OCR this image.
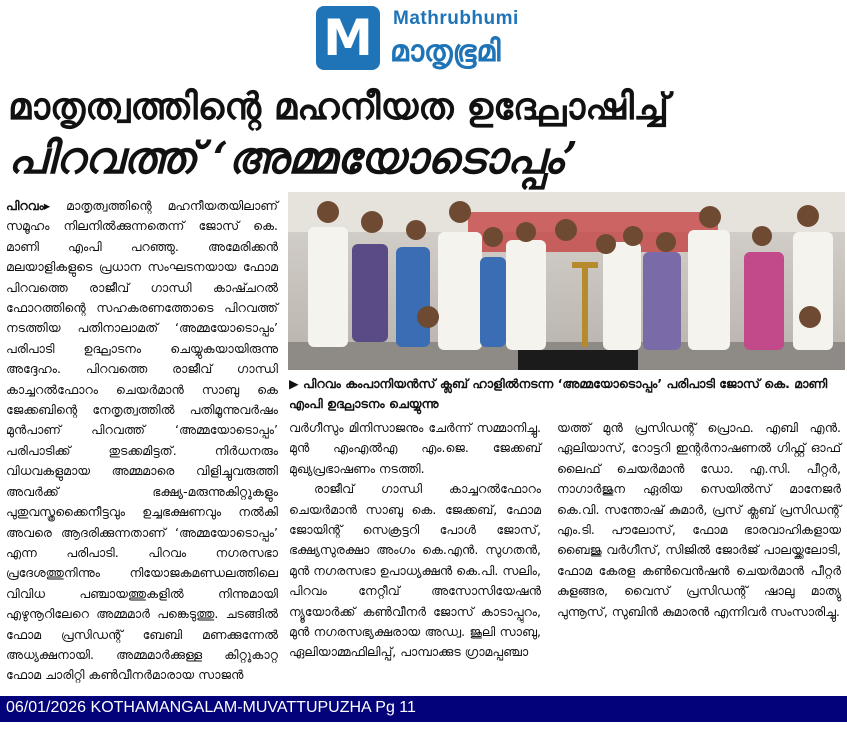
M Mathrubhumi
മാതൃഭൂമി
മാതൃത്വത്തിന്റെ മഹനീയത ഉദ്ഘോഷിച്ച്
പിറവത്ത് ‘അമ്മയോടൊപ്പം’

പിറവം▸ മാതൃത്വത്തിന്റെ മഹനീയതയിലാണ് സമൂഹം നിലനിൽക്കുന്നതെന്ന് ജോസ് കെ. മാണി എംപി പറഞ്ഞു. അമേരിക്കൻ മലയാളികളുടെ പ്രധാന സംഘടനയായ ഫോമ പിറവത്തെ രാജീവ് ഗാന്ധി കാഷ്ചറൽ ഫോറത്തിന്റെ സഹകരണത്തോടെ പിറവത്ത് നടത്തിയ പതിനാലാമത് ‘അമ്മയോടൊപ്പം’ പരിപാടി ഉദ്ഘാടനം ചെയ്യുകയായിരുന്നു അദ്ദേഹം. പിറവത്തെ രാജീവ് ഗാന്ധി കാച്ചറൽഫോറം ചെയർമാൻ സാബു കെ ജേക്കബിന്റെ നേതൃത്വത്തിൽ പതിമൂന്നുവർഷം മുൻപാണ് പിറവത്ത് ‘അമ്മയോടൊപ്പം’ പരിപാടിക്ക് തുടക്കമിട്ടത്. നിർധനരും വിധവകളുമായ അമ്മമാരെ വിളിച്ചുവരുത്തി അവർക്ക് ഭക്ഷ്യ-മരുന്നുകിറ്റുകളും പുതുവസ്ത്രക്കൈനീട്ടവും ഉച്ചഭക്ഷണവും നൽകി അവരെ ആദരിക്കുന്നതാണ് ‘അമ്മയോടൊപ്പം’ എന്ന പരിപാടി. പിറവം നഗരസഭാ പ്രദേശത്തുനിന്നും നിയോജകമണ്ഡലത്തിലെ വിവിധ പഞ്ചായത്തുകളിൽ നിന്നുമായി എഴുനൂറിലേറെ അമ്മമാർ പങ്കെടുത്തു. ചടങ്ങിൽ ഫോമ പ്രസിഡന്റ് ബേബി മണക്കുന്നേൽ അധ്യക്ഷനായി. അമ്മമാർക്കുള്ള കിറ്റുകാറ്റ ഫോമ ചാരിറ്റി കൺവീനർമാരായ സാജൻ

▶ പിറവം കംപാനിയൻസ് ക്ലബ് ഹാളിൽനടന്ന ‘അമ്മയോടൊപ്പം’ പരിപാടി ജോസ് കെ. മാണി എംപി ഉദ്ഘാടനം ചെയ്യുന്നു

വർഗീസും മിനിസാജനും ചേർന്ന് സമ്മാനിച്ചു. മുൻ എംഎൽഎ എം.ജെ. ജേക്കബ് മുഖ്യപ്രഭാഷണം നടത്തി.

രാജീവ് ഗാന്ധി കാച്ചറൽഫോറം ചെയർമാൻ സാബു കെ. ജേക്കബ്, ഫോമ ജോയിന്റ് സെക്രട്ടറി പോൾ ജോസ്, ഭക്ഷ്യസുരക്ഷാ അംഗം കെ.എൻ. സുഗതൻ, മുൻ നഗരസഭാ ഉപാധ്യക്ഷൻ കെ.പി. സലിം, പിറവം നേറ്റീവ് അസോസിയേഷൻ ന്യൂയോർക്ക് കൺവീനർ ജോസ് കാടാപ്പുറം, മുൻ നഗരസഭ്യക്ഷരായ അഡ്വ. ജൂലി സാബു, ഏലിയാമ്മഫിലിപ്പ്, പാമ്പാക്കുട ഗ്രാമപ്പഞ്ചാ

യത്ത് മുൻ പ്രസിഡന്റ് പ്രൊഫ. എബി എൻ. ഏലിയാസ്, റോട്ടറി ഇന്റർനാഷണൽ ഗിഫ്റ്റ് ഓഫ് ലൈഫ് ചെയർമാൻ ഡോ. എ.സി. പീറ്റർ, നാഗാർജുന ഏരിയ സെയിൽസ് മാനേജർ കെ.വി. സന്തോഷ് കുമാർ, പ്രസ് ക്ലബ് പ്രസിഡന്റ് എം.ടി. പൗലോസ്, ഫോമ ഭാരവാഹികളായ ബൈജു വർഗീസ്, സിജിൽ ജോർജ് പാലയ്ക്കലോടി, ഫോമ കേരള കൺവെൻഷൻ ചെയർമാൻ പീറ്റർ കുളങ്ങര, വൈസ് പ്രസിഡന്റ് ഷാലു മാത്യു പുന്നൂസ്, സുബിൻ കുമാരൻ എന്നിവർ സംസാരിച്ചു.

06/01/2026 KOTHAMANGALAM-MUVATTUPUZHA Pg 11
